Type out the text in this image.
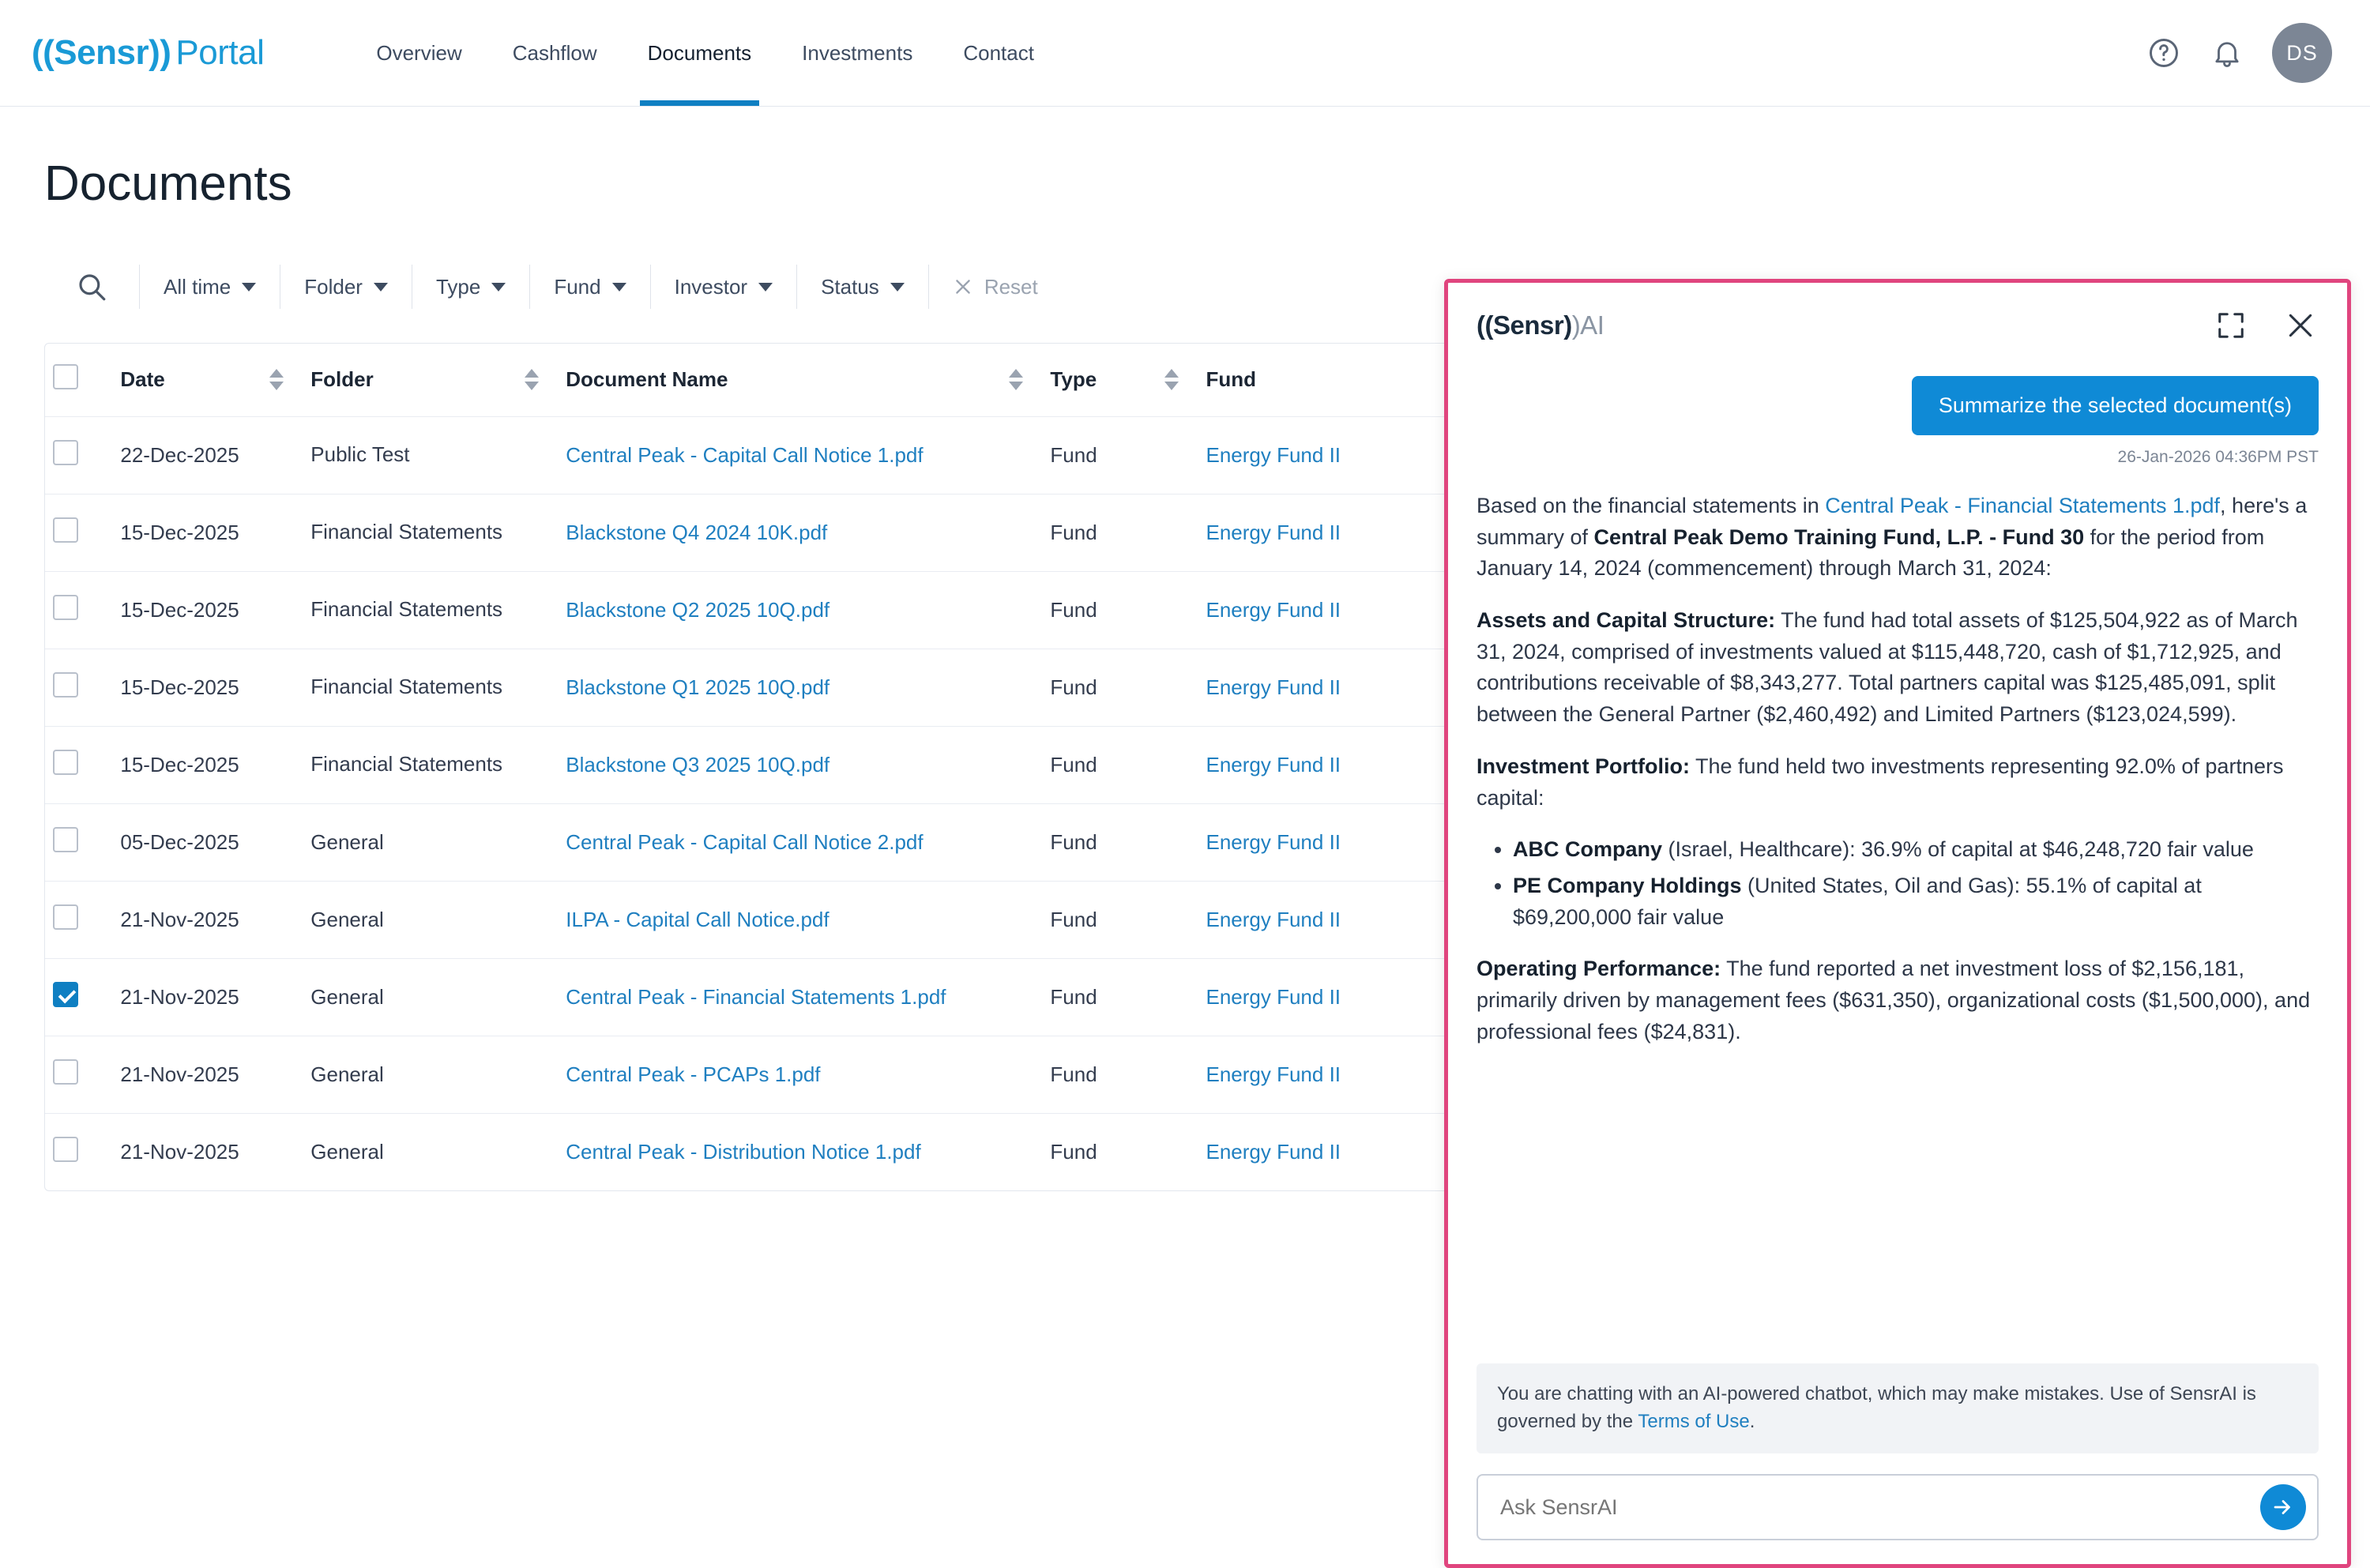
((Sensr)) Portal	Overview	Cashflow	Documents	Investments	Contact	DS
Documents
All time	Folder	Type	Fund	Investor	Status	Reset

	Date	Folder	Document Name	Type	Fund

	22-Dec-2025	Public Test	Central Peak - Capital Call Notice 1.pdf	Fund	Energy Fund II
	15-Dec-2025	Financial Statements	Blackstone Q4 2024 10K.pdf	Fund	Energy Fund II
	15-Dec-2025	Financial Statements	Blackstone Q2 2025 10Q.pdf	Fund	Energy Fund II
	15-Dec-2025	Financial Statements	Blackstone Q1 2025 10Q.pdf	Fund	Energy Fund II
	15-Dec-2025	Financial Statements	Blackstone Q3 2025 10Q.pdf	Fund	Energy Fund II
	05-Dec-2025	General	Central Peak - Capital Call Notice 2.pdf	Fund	Energy Fund II
	21-Nov-2025	General	ILPA - Capital Call Notice.pdf	Fund	Energy Fund II
	21-Nov-2025	General	Central Peak - Financial Statements 1.pdf	Fund	Energy Fund II
	21-Nov-2025	General	Central Peak - PCAPs 1.pdf	Fund	Energy Fund II
	21-Nov-2025	General	Central Peak - Distribution Notice 1.pdf	Fund	Energy Fund II
((Sensr))AI
Summarize the selected document(s)
26-Jan-2026 04:36PM PST

Based on the financial statements in Central Peak - Financial Statements 1.pdf, here's a summary of Central Peak Demo Training Fund, L.P. - Fund 30 for the period from January 14, 2024 (commencement) through March 31, 2024:

Assets and Capital Structure: The fund had total assets of $125,504,922 as of March 31, 2024, comprised of investments valued at $115,448,720, cash of $1,712,925, and contributions receivable of $8,343,277. Total partners capital was $125,485,091, split between the General Partner ($2,460,492) and Limited Partners ($123,024,599).

Investment Portfolio: The fund held two investments representing 92.0% of partners capital:

• ABC Company (Israel, Healthcare): 36.9% of capital at $46,248,720 fair value
• PE Company Holdings (United States, Oil and Gas): 55.1% of capital at $69,200,000 fair value

Operating Performance: The fund reported a net investment loss of $2,156,181, primarily driven by management fees ($631,350), organizational costs ($1,500,000), and professional fees ($24,831).

You are chatting with an AI-powered chatbot, which may make mistakes. Use of SensrAI is governed by the Terms of Use.
Ask SensrAI
